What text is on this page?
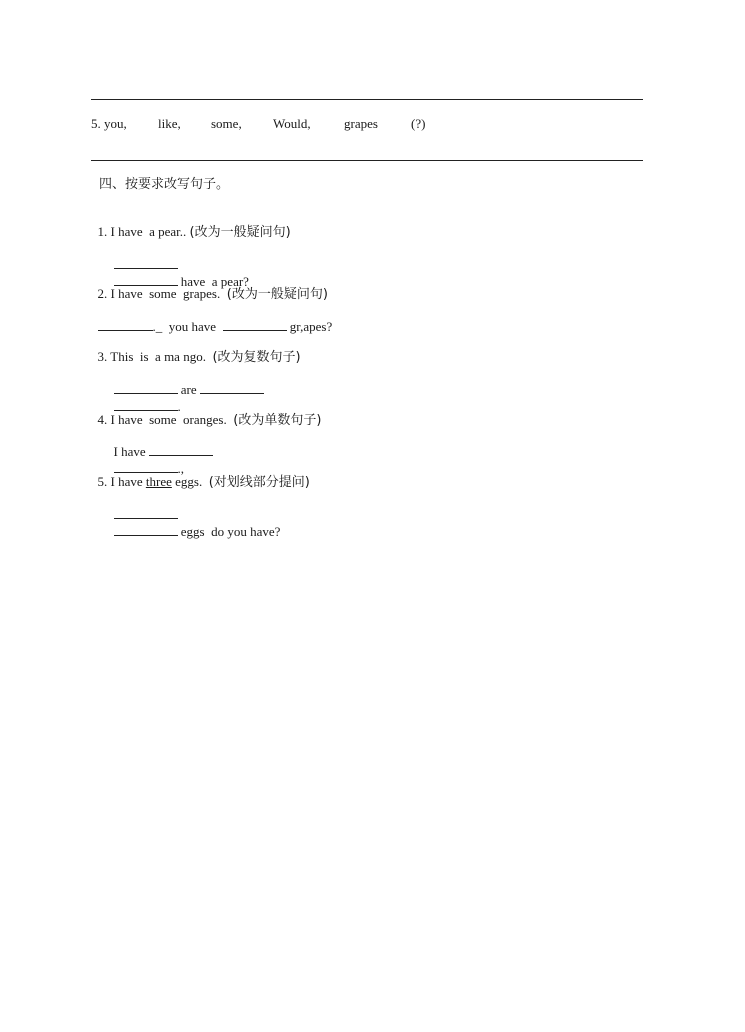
5. you,

like,

some,

Would,

	grapes

	(?)

四、按要求改写句子。

1. I have  a pear.. (改为一般疑问句)

have  a pear?

2. I have  some  grapes.  (改为一般疑问句)

._  you have	gr,apes?

3. This  is  a ma ngo.  (改为复数句子)

are
.

4. I have  some  oranges.  (改为单数句子)

I have
.,

5. I have three eggs.  (对划线部分提问)

eggs  do you have?
